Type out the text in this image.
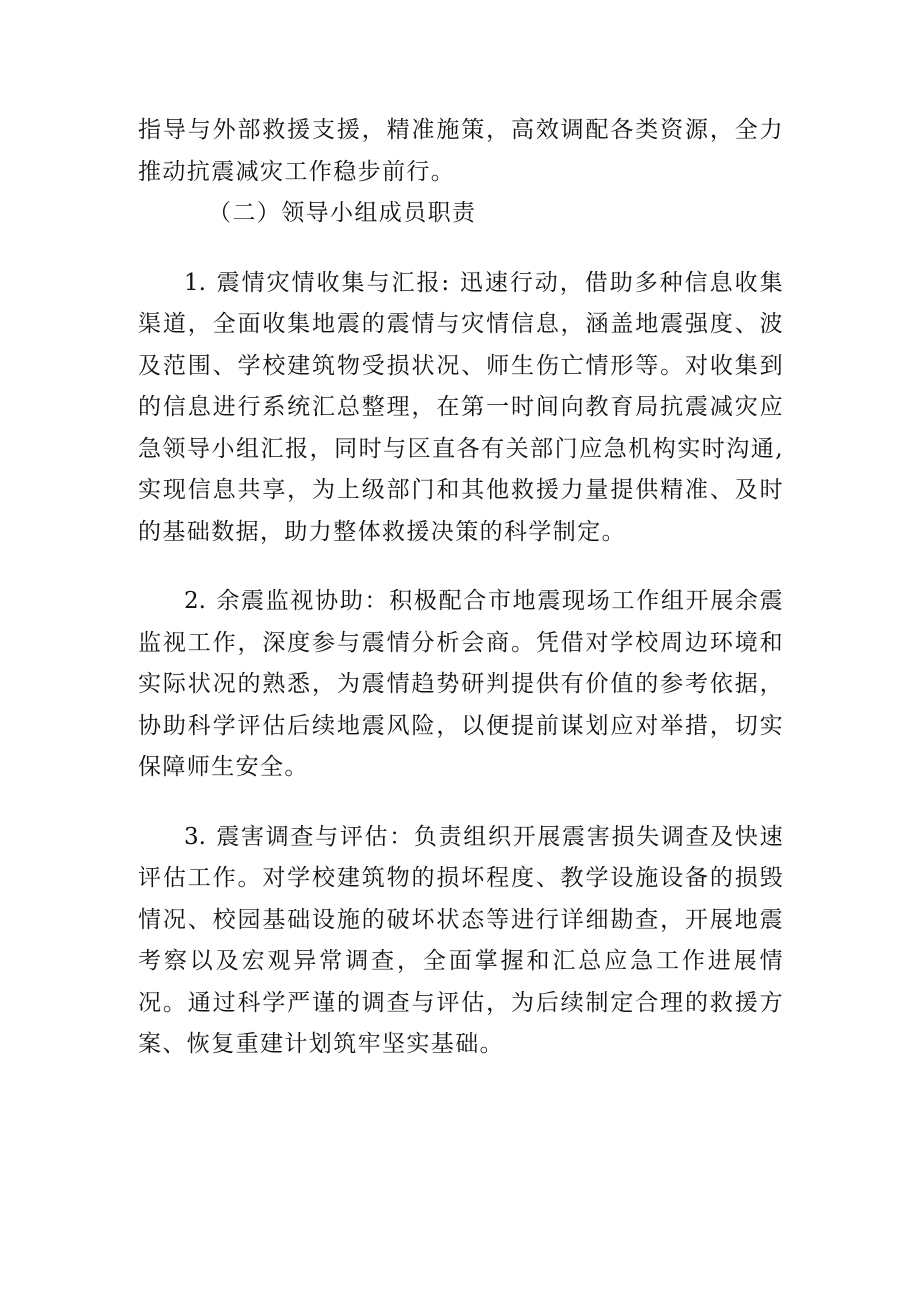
指导与外部救援支援，精准施策，高效调配各类资源，全力推动抗震减灾工作稳步前行。

（二）领导小组成员职责

1. 震情灾情收集与汇报: 迅速行动，借助多种信息收集渠道，全面收集地震的震情与灾情信息，涵盖地震强度、波及范围、学校建筑物受损状况、师生伤亡情形等。对收集到的信息进行系统汇总整理，在第一时间向教育局抗震减灾应急领导小组汇报，同时与区直各有关部门应急机构实时沟通,实现信息共享，为上级部门和其他救援力量提供精准、及时的基础数据，助力整体救援决策的科学制定。

2. 余震监视协助：积极配合市地震现场工作组开展余震监视工作，深度参与震情分析会商。凭借对学校周边环境和实际状况的熟悉，为震情趋势研判提供有价值的参考依据，协助科学评估后续地震风险，以便提前谋划应对举措，切实保障师生安全。

3. 震害调查与评估：负责组织开展震害损失调查及快速评估工作。对学校建筑物的损坏程度、教学设施设备的损毁情况、校园基础设施的破坏状态等进行详细勘查，开展地震考察以及宏观异常调查，全面掌握和汇总应急工作进展情况。通过科学严谨的调查与评估，为后续制定合理的救援方案、恢复重建计划筑牢坚实基础。
